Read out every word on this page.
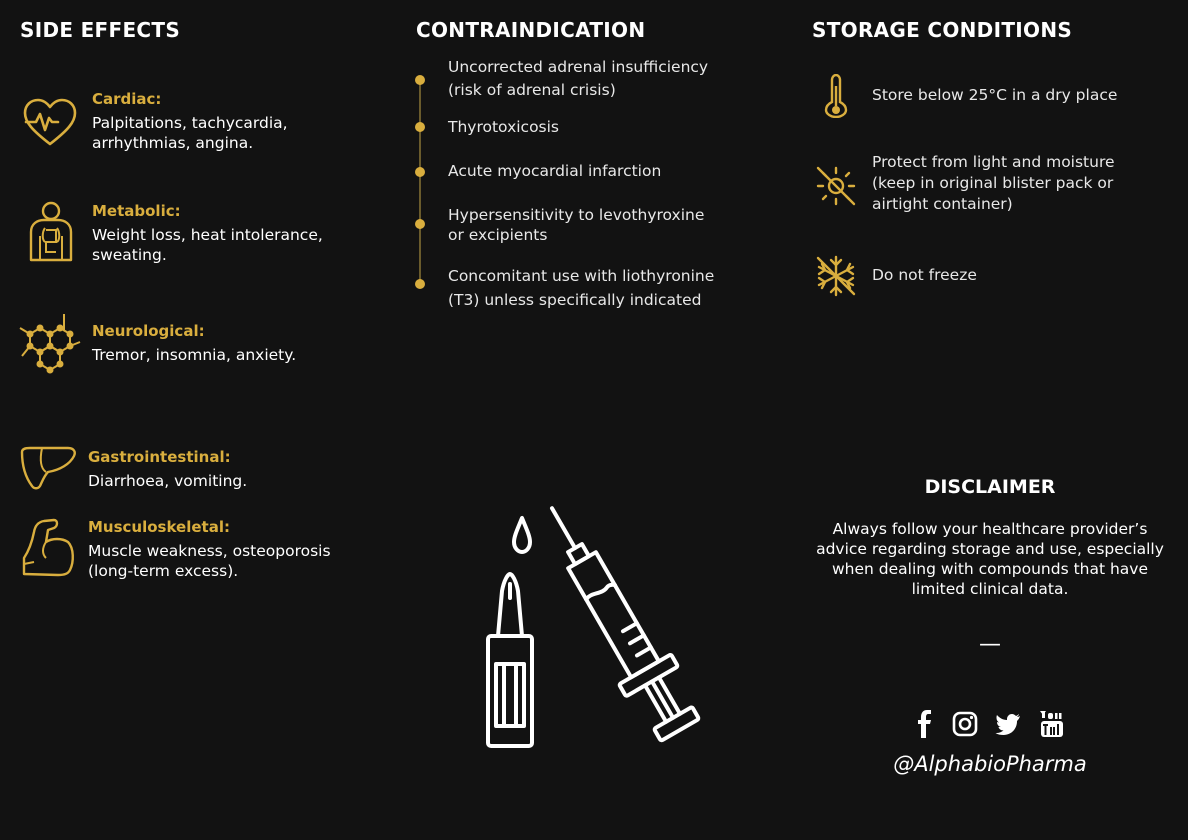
SIDE EFFECTS
Cardiac:
Palpitations, tachycardia, arrhythmias, angina.
Metabolic:
Weight loss, heat intolerance, sweating.
Neurological:
Tremor, insomnia, anxiety.
Gastrointestinal:
Diarrhoea, vomiting.
Musculoskeletal:
Muscle weakness, osteoporosis (long-term excess).
CONTRAINDICATION
Uncorrected adrenal insufficiency (risk of adrenal crisis)
Thyrotoxicosis
Acute myocardial infarction
Hypersensitivity to levothyroxine or excipients
Concomitant use with liothyronine (T3) unless specifically indicated
STORAGE CONDITIONS
Store below 25°C in a dry place
Protect from light and moisture (keep in original blister pack or airtight container)
Do not freeze
DISCLAIMER
Always follow your healthcare provider’s advice regarding storage and use, especially when dealing with compounds that have limited clinical data.
—
@AlphabioPharma
